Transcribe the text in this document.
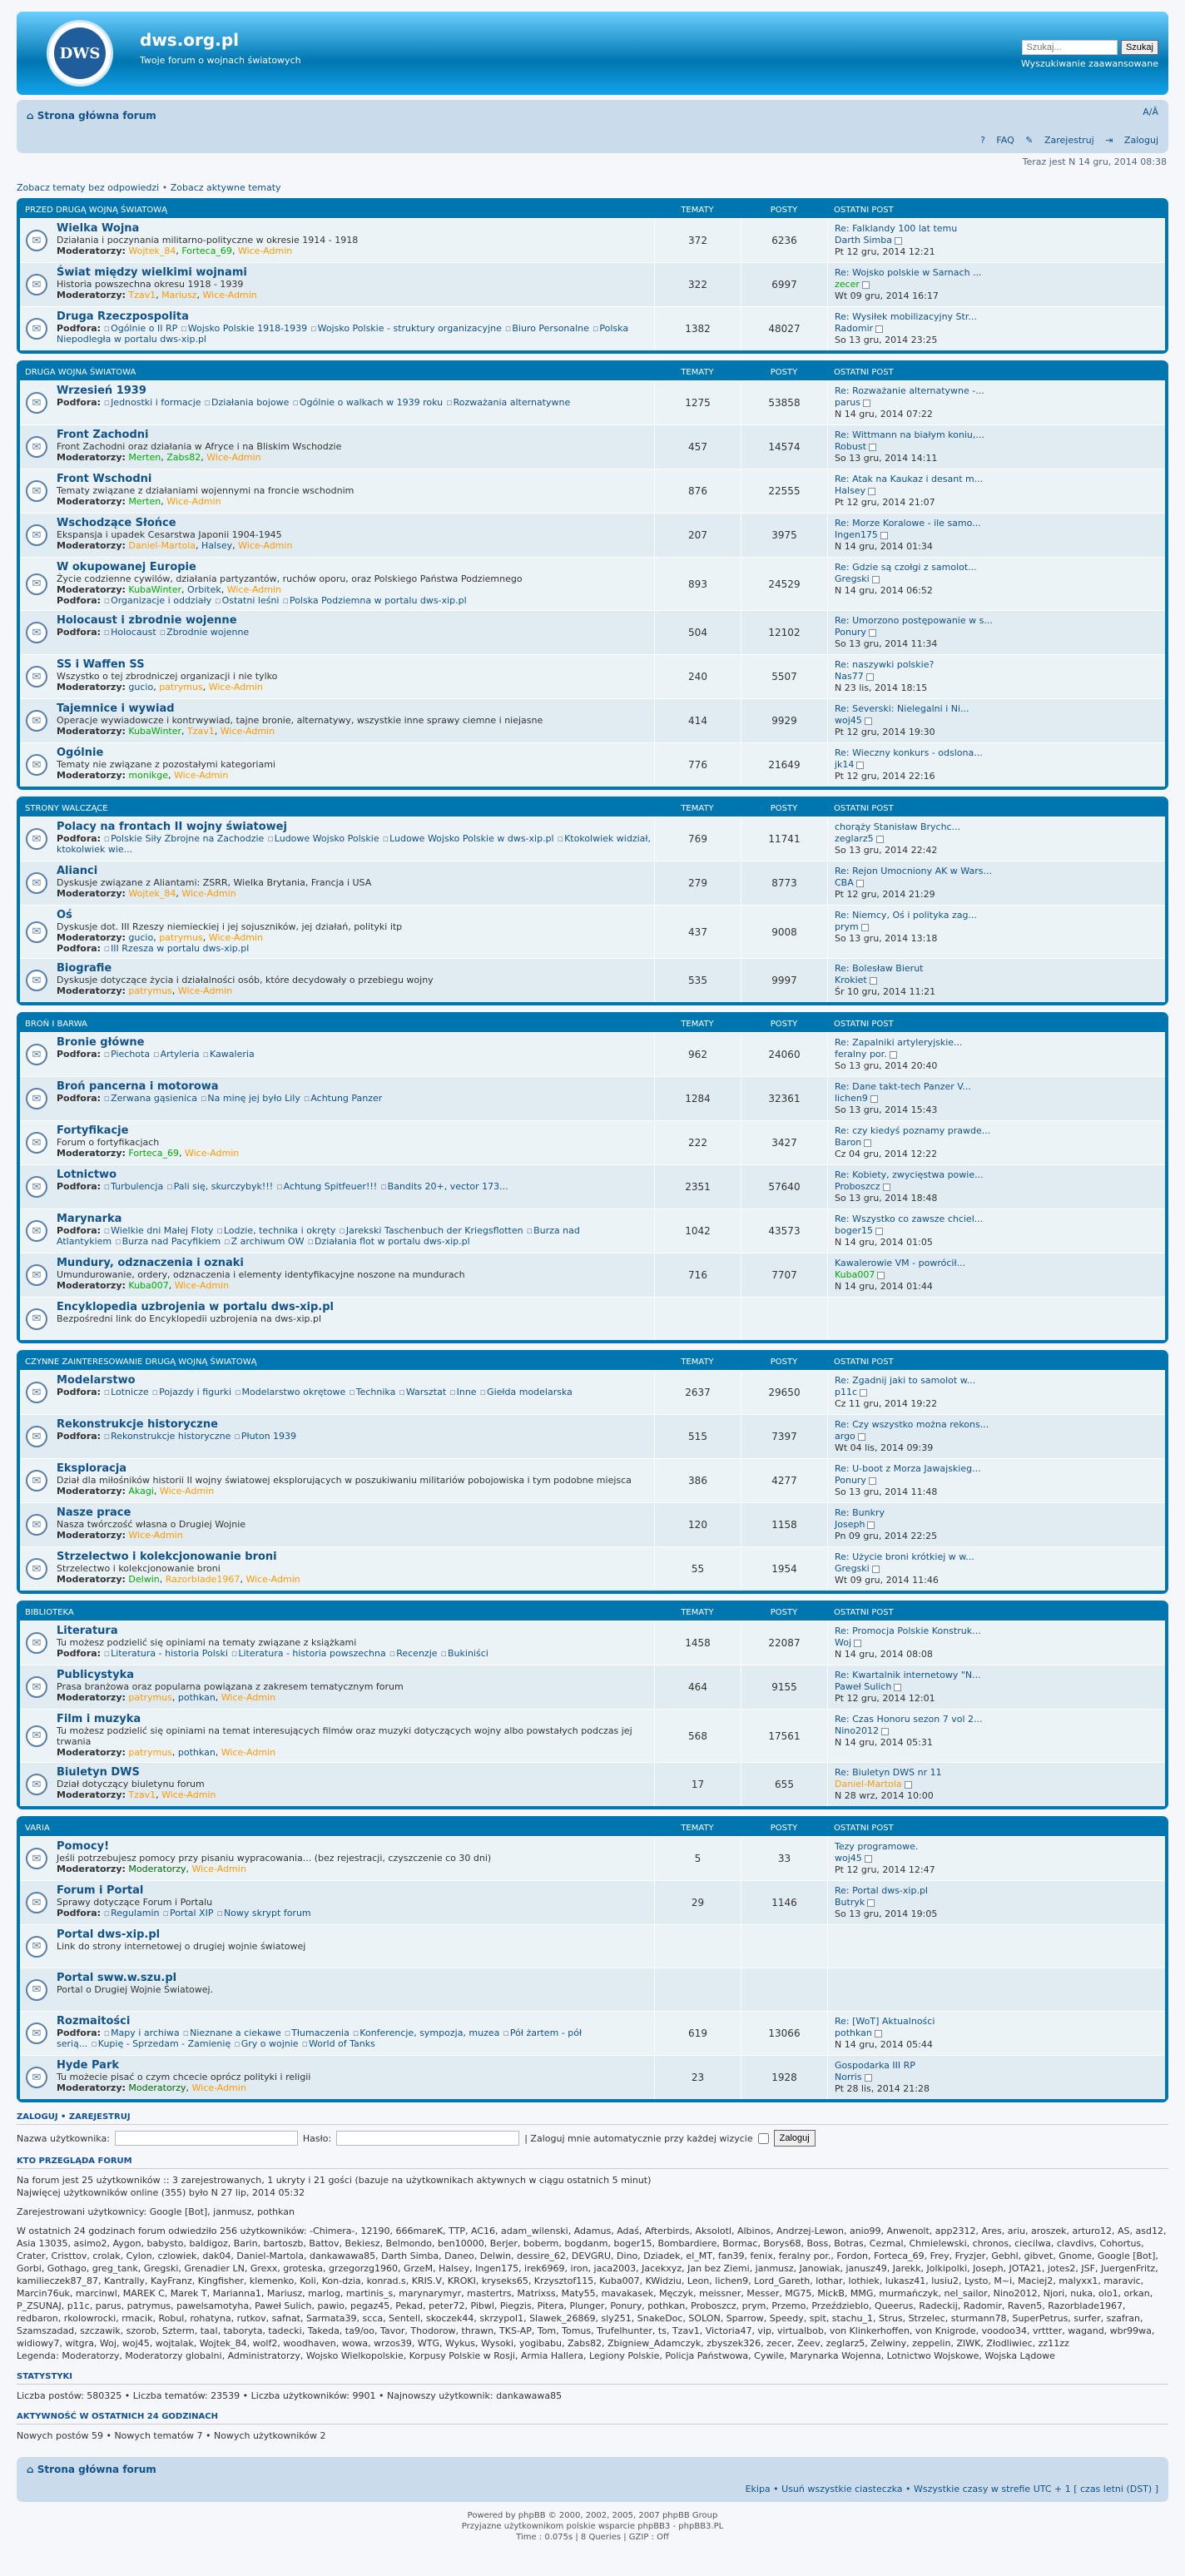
DWS
dws.org.pl
Twoje forum o wojnach światowych
Szukaj... Szukaj
Wyszukiwanie zaawansowane
⌂ Strona główna forum	A/Â
? FAQ ✎ Zarejestruj ⇥ Zaloguj
Teraz jest N 14 gru, 2014 08:38
Zobacz tematy bez odpowiedzi • Zobacz aktywne tematy
PRZED DRUGĄ WOJNĄ ŚWIATOWĄ	TEMATY	POSTY	OSTATNI POST
✉
Wielka Wojna
Działania i poczynania militarno-polityczne w okresie 1914 - 1918
Moderatorzy: Wojtek_84, Forteca_69, Wice-Admin
372	6236
Re: Falklandy 100 lat temu
Darth Simba
Pt 12 gru, 2014 12:21
✉
Świat między wielkimi wojnami
Historia powszechna okresu 1918 - 1939
Moderatorzy: Tzav1, Mariusz, Wice-Admin
322	6997
Re: Wojsko polskie w Sarnach ...
zecer
Wt 09 gru, 2014 16:17
✉
Druga Rzeczpospolita
Podfora: ▫ Ogólnie o II RP ▫ Wojsko Polskie 1918-1939 ▫ Wojsko Polskie - struktury organizacyjne ▫ Biuro Personalne ▫ Polska Niepodległa w portalu dws-xip.pl
1382	48027
Re: Wysiłek mobilizacyjny Str...
Radomir
So 13 gru, 2014 23:25
DRUGA WOJNA ŚWIATOWA	TEMATY	POSTY	OSTATNI POST
✉
Wrzesień 1939
Podfora: ▫ Jednostki i formacje ▫ Działania bojowe ▫ Ogólnie o walkach w 1939 roku ▫ Rozważania alternatywne	1275	53858
Re: Rozważanie alternatywne -...
parus
N 14 gru, 2014 07:22
✉
Front Zachodni
Front Zachodni oraz działania w Afryce i na Bliskim Wschodzie
Moderatorzy: Merten, Zabs82, Wice-Admin
457	14574
Re: Wittmann na białym koniu,...
Robust
So 13 gru, 2014 14:11
✉
Front Wschodni
Tematy związane z działaniami wojennymi na froncie wschodnim
Moderatorzy: Merten, Wice-Admin
876	22555
Re: Atak na Kaukaz i desant m...
Halsey
Pt 12 gru, 2014 21:07
✉
Wschodzące Słońce
Ekspansja i upadek Cesarstwa Japonii 1904-1945
Moderatorzy: Daniel-Martola, Halsey, Wice-Admin
207	3975
Re: Morze Koralowe - ile samo...
Ingen175
N 14 gru, 2014 01:34
✉
W okupowanej Europie
Życie codzienne cywilów, działania partyzantów, ruchów oporu, oraz Polskiego Państwa Podziemnego
Moderatorzy: KubaWinter, Orbitek, Wice-Admin
Podfora: ▫ Organizacje i oddziały ▫ Ostatni leśni ▫ Polska Podziemna w portalu dws-xip.pl
893	24529
Re: Gdzie są czołgi z samolot...
Gregski
N 14 gru, 2014 06:52
✉
Holocaust i zbrodnie wojenne
Podfora: ▫ Holocaust ▫ Zbrodnie wojenne	504	12102
Re: Umorzono postępowanie w s...
Ponury
So 13 gru, 2014 11:34
✉
SS i Waffen SS
Wszystko o tej zbrodniczej organizacji i nie tylko
Moderatorzy: gucio, patrymus, Wice-Admin
240	5507
Re: naszywki polskie?
Nas77
N 23 lis, 2014 18:15
✉
Tajemnice i wywiad
Operacje wywiadowcze i kontrwywiad, tajne bronie, alternatywy, wszystkie inne sprawy ciemne i niejasne
Moderatorzy: KubaWinter, Tzav1, Wice-Admin
414	9929
Re: Severski: Nielegalni i Ni...
woj45
Pt 12 gru, 2014 19:30
✉
Ogólnie
Tematy nie związane z pozostałymi kategoriami
Moderatorzy: monikge, Wice-Admin
776	21649
Re: Wieczny konkurs - odslona...
jk14
Pt 12 gru, 2014 22:16
STRONY WALCZĄCE	TEMATY	POSTY	OSTATNI POST
✉
Polacy na frontach II wojny światowej
Podfora: ▫ Polskie Siły Zbrojne na Zachodzie ▫ Ludowe Wojsko Polskie ▫ Ludowe Wojsko Polskie w dws-xip.pl ▫ Ktokolwiek widział, ktokolwiek wie...
769	11741
chorąży Stanisław Brychc...
zeglarz5
So 13 gru, 2014 22:42
✉
Alianci
Dyskusje związane z Aliantami: ZSRR, Wielka Brytania, Francja i USA
Moderatorzy: Wojtek_84, Wice-Admin
279	8773
Re: Rejon Umocniony AK w Wars...
CBA
Pt 12 gru, 2014 21:29
✉
Oś
Dyskusje dot. III Rzeszy niemieckiej i jej sojuszników, jej działań, polityki itp
Moderatorzy: gucio, patrymus, Wice-Admin
Podfora: ▫ III Rzesza w portalu dws-xip.pl
437	9008
Re: Niemcy, Oś i polityka zag...
prym
So 13 gru, 2014 13:18
✉
Biografie
Dyskusje dotyczące życia i działalności osób, które decydowały o przebiegu wojny
Moderatorzy: patrymus, Wice-Admin
535	9997
Re: Bolesław Bierut
Krokiet
Śr 10 gru, 2014 11:21
BROŃ I BARWA	TEMATY	POSTY	OSTATNI POST
✉
Bronie główne
Podfora: ▫ Piechota ▫ Artyleria ▫ Kawaleria	962	24060
Re: Zapalniki artyleryjskie...
feralny por.
So 13 gru, 2014 20:40
✉
Broń pancerna i motorowa
Podfora: ▫ Zerwana gąsienica ▫ Na minę jej było Lily ▫ Achtung Panzer	1284	32361
Re: Dane takt-tech Panzer V...
lichen9
So 13 gru, 2014 15:43
✉
Fortyfikacje
Forum o fortyfikacjach
Moderatorzy: Forteca_69, Wice-Admin
222	3427
Re: czy kiedyś poznamy prawde...
Baron
Cz 04 gru, 2014 12:22
✉
Lotnictwo
Podfora: ▫ Turbulencja ▫ Pali się, skurczybyk!!! ▫ Achtung Spitfeuer!!! ▫ Bandits 20+, vector 173...	2351	57640
Re: Kobiety, zwycięstwa powie...
Proboszcz
So 13 gru, 2014 18:48
✉
Marynarka
Podfora: ▫ Wielkie dni Małej Floty ▫ Lodzie, technika i okręty ▫ Jarekski Taschenbuch der Kriegsflotten ▫ Burza nad Atlantykiem ▫ Burza nad Pacyfikiem ▫ Z archiwum OW ▫ Działania flot w portalu dws-xip.pl
1042	43573
Re: Wszystko co zawsze chciel...
boger15
N 14 gru, 2014 01:05
✉
Mundury, odznaczenia i oznaki
Umundurowanie, ordery, odznaczenia i elementy identyfikacyjne noszone na mundurach
Moderatorzy: Kuba007, Wice-Admin
716	7707
Kawalerowie VM - powrócił...
Kuba007
N 14 gru, 2014 01:44
✉
Encyklopedia uzbrojenia w portalu dws-xip.pl
Bezpośredni link do Encyklopedii uzbrojenia na dws-xip.pl
CZYNNE ZAINTERESOWANIE DRUGĄ WOJNĄ ŚWIATOWĄ	TEMATY	POSTY	OSTATNI POST
✉
Modelarstwo
Podfora: ▫ Lotnicze ▫ Pojazdy i figurki ▫ Modelarstwo okrętowe ▫ Technika ▫ Warsztat ▫ Inne ▫ Giełda modelarska	2637	29650
Re: Zgadnij jaki to samolot w...
p11c
Cz 11 gru, 2014 19:22
✉
Rekonstrukcje historyczne
Podfora: ▫ Rekonstrukcje historyczne ▫ Płuton 1939	515	7397
Re: Czy wszystko można rekons...
argo
Wt 04 lis, 2014 09:39
✉
Eksploracja
Dział dla miłośników historii II wojny światowej eksplorujących w poszukiwaniu militariów pobojowiska i tym podobne miejsca
Moderatorzy: Akagi, Wice-Admin
386	4277
Re: U-boot z Morza Jawajskieg...
Ponury
So 13 gru, 2014 11:48
✉
Nasze prace
Nasza twórczość własna o Drugiej Wojnie
Moderatorzy: Wice-Admin
120	1158
Re: Bunkry
Joseph
Pn 09 gru, 2014 22:25
✉
Strzelectwo i kolekcjonowanie broni
Strzelectwo i kolekcjonowanie broni
Moderatorzy: Delwin, Razorblade1967, Wice-Admin
55	1954
Re: Użycie broni krótkiej w w...
Gregski
Wt 09 gru, 2014 11:46
BIBLIOTEKA	TEMATY	POSTY	OSTATNI POST
✉
Literatura
Tu możesz podzielić się opiniami na tematy związane z książkami
Podfora: ▫ Literatura - historia Polski ▫ Literatura - historia powszechna ▫ Recenzje ▫ Bukiniści
1458	22087
Re: Promocja Polskie Konstruk...
Woj
N 14 gru, 2014 08:08
✉
Publicystyka
Prasa branżowa oraz popularna powiązana z zakresem tematycznym forum
Moderatorzy: patrymus, pothkan, Wice-Admin
464	9155
Re: Kwartalnik internetowy "N...
Paweł Sulich
Pt 12 gru, 2014 12:01
✉
Film i muzyka
Tu możesz podzielić się opiniami na temat interesujących filmów oraz muzyki dotyczących wojny albo powstałych podczas jej trwania
Moderatorzy: patrymus, pothkan, Wice-Admin
568	17561
Re: Czas Honoru sezon 7 vol 2...
Nino2012
N 14 gru, 2014 05:31
✉
Biuletyn DWS
Dział dotyczący biuletynu forum
Moderatorzy: Tzav1, Wice-Admin
17	655
Re: Biuletyn DWS nr 11
Daniel-Martola
N 28 wrz, 2014 10:00
VARIA	TEMATY	POSTY	OSTATNI POST
✉
Pomocy!
Jeśli potrzebujesz pomocy przy pisaniu wypracowania... (bez rejestracji, czyszczenie co 30 dni)
Moderatorzy: Moderatorzy, Wice-Admin
5	33
Tezy programowe.
woj45
Pt 12 gru, 2014 12:47
✉
Forum i Portal
Sprawy dotyczące Forum i Portalu
Podfora: ▫ Regulamin ▫ Portal XIP ▫ Nowy skrypt forum
29	1146
Re: Portal dws-xip.pl
Butryk
So 13 gru, 2014 19:05
✉
Portal dws-xip.pl
Link do strony internetowej o drugiej wojnie światowej
✉
Portal sww.w.szu.pl
Portal o Drugiej Wojnie Światowej.
✉
Rozmaitości
Podfora: ▫ Mapy i archiwa ▫ Nieznane a ciekawe ▫ Tłumaczenia ▫ Konferencje, sympozja, muzea ▫ Pół żartem - pół serią... ▫ Kupię - Sprzedam - Zamienię ▫ Gry o wojnie ▫ World of Tanks
619	13066
Re: [WoT] Aktualności
pothkan
N 14 gru, 2014 05:44
✉
Hyde Park
Tu możecie pisać o czym chcecie oprócz polityki i religii
Moderatorzy: Moderatorzy, Wice-Admin
23	1928
Gospodarka III RP
Norris
Pt 28 lis, 2014 21:28
ZALOGUJ • ZAREJESTRUJ
Nazwa użytkownika:	Hasło:	| Zaloguj mnie automatycznie przy każdej wizycie	Zaloguj
KTO PRZEGLĄDA FORUM

Na forum jest 25 użytkowników :: 3 zarejestrowanych, 1 ukryty i 21 gości (bazuje na użytkownikach aktywnych w ciągu ostatnich 5 minut)

Najwięcej użytkowników online (355) było N 27 lip, 2014 05:32

Zarejestrowani użytkownicy: Google [Bot], janmusz, pothkan

W ostatnich 24 godzinach forum odwiedziło 256 użytkowników: -Chimera-, 12190, 666mareK, TTP, AC16, adam_wilenski, Adamus, Adaś, Afterbirds, Aksolotl, Albinos, Andrzej-Lewon, anio99, Anwenolt, app2312, Ares, ariu, aroszek, arturo12, AS, asd12, Asia 13035, asimo2, Aygon, babysto, baldigoz, Barin, bartoszb, Battov, Bekiesz, Belmondo, ben10000, Berjer, boberm, bogdanm, boger15, Bombardiere, Bormac, Borys68, Boss, Botras, Cezmal, Chmielewski, chronos, ciecilwa, clavdivs, Cohortus, Crater, Cristtov, crolak, Cylon, czlowiek, dak04, Daniel-Martola, dankawawa85, Darth Simba, Daneo, Delwin, dessire_62, DEVGRU, Dino, Dziadek, el_MT, fan39, fenix, feralny por., Fordon, Forteca_69, Frey, Fryzjer, Gebhl, gibvet, Gnome, Google [Bot], Gorbi, Gothago, greg_tank, Gregski, Grenadier LN, Grexx, groteska, grzegorzg1960, GrzeM, Halsey, Ingen175, irek6969, iron, jaca2003, Jacekxyz, Jan bez Ziemi, janmusz, Janowiak, janusz49, Jarekk, Jolkipolki, Joseph, JOTA21, jotes2, JSF, JuergenFritz, kamilieczek87_87, Kantrally, KayFranz, Kingfisher, klemenko, Koli, Kon-dzia, konrad.s, KRIS.V, KROKI, kryseks65, Krzysztof115, Kuba007, KWidziu, Leon, lichen9, Lord_Gareth, lothar, lothiek, lukasz41, lusiu2, Lysto, M~i, Maciej2, malyxx1, maravic, Marcin76uk, marcinwl, MAREK C, Marek T, Marianna1, Mariusz, marlog, martinis_s, marynarymyr, mastertrs, Matrixss, Maty55, mavakasek, Męczyk, meissner, Messer, MG75, MickB, MMG, murmańczyk, nel_sailor, Nino2012, Njori, nuka, olo1, orkan, P_ZSUNAJ, p11c, parus, patrymus, pawelsamotyha, Paweł Sulich, pawio, pegaz45, Pekad, peter72, Pibwl, Piegzis, Pitera, Plunger, Ponury, pothkan, Proboszcz, prym, Przemo, Przeździeblo, Queerus, Radeckij, Radomir, Raven5, Razorblade1967, redbaron, rkolowrocki, rmacik, Robul, rohatyna, rutkov, safnat, Sarmata39, scca, Sentell, skoczek44, skrzypol1, Slawek_26869, sly251, SnakeDoc, SOLON, Sparrow, Speedy, spit, stachu_1, Strus, Strzelec, sturmann78, SuperPetrus, surfer, szafran, Szamszadad, szczawik, szorob, Szterm, taal, taboryta, tadecki, Takeda, ta9/oo, Tavor, Thodorow, thrawn, TKS-AP, Tom, Tomus, Trufelhunter, ts, Tzav1, Victoria47, vip, virtualbob, von Klinkerhoffen, von Knigrode, voodoo34, vrttter, wagand, wbr99wa, widiowy7, witgra, Woj, woj45, wojtalak, Wojtek_84, wolf2, woodhaven, wowa, wrzos39, WTG, Wykus, Wysoki, yogibabu, Zabs82, Zbigniew_Adamczyk, zbyszek326, zecer, Zeev, zeglarz5, Zelwiny, zeppelin, ZIWK, Złodliwiec, zz11zz

Legenda: Moderatorzy, Moderatorzy globalni, Administratorzy, Wojsko Wielkopolskie, Korpusy Polskie w Rosji, Armia Hallera, Legiony Polskie, Policja Państwowa, Cywile, Marynarka Wojenna, Lotnictwo Wojskowe, Wojska Lądowe

STATYSTYKI

Liczba postów: 580325 • Liczba tematów: 23539 • Liczba użytkowników: 9901 • Najnowszy użytkownik: dankawawa85

AKTYWNOŚĆ W OSTATNICH 24 GODZINACH

Nowych postów 59 • Nowych tematów 7 • Nowych użytkowników 2

⌂ Strona główna forum
Ekipa • Usuń wszystkie ciasteczka • Wszystkie czasy w strefie UTC + 1 [ czas letni (DST) ]
Powered by phpBB © 2000, 2002, 2005, 2007 phpBB Group
Przyjazne użytkownikom polskie wsparcie phpBB3 - phpBB3.PL
Time : 0.075s | 8 Queries | GZIP : Off
